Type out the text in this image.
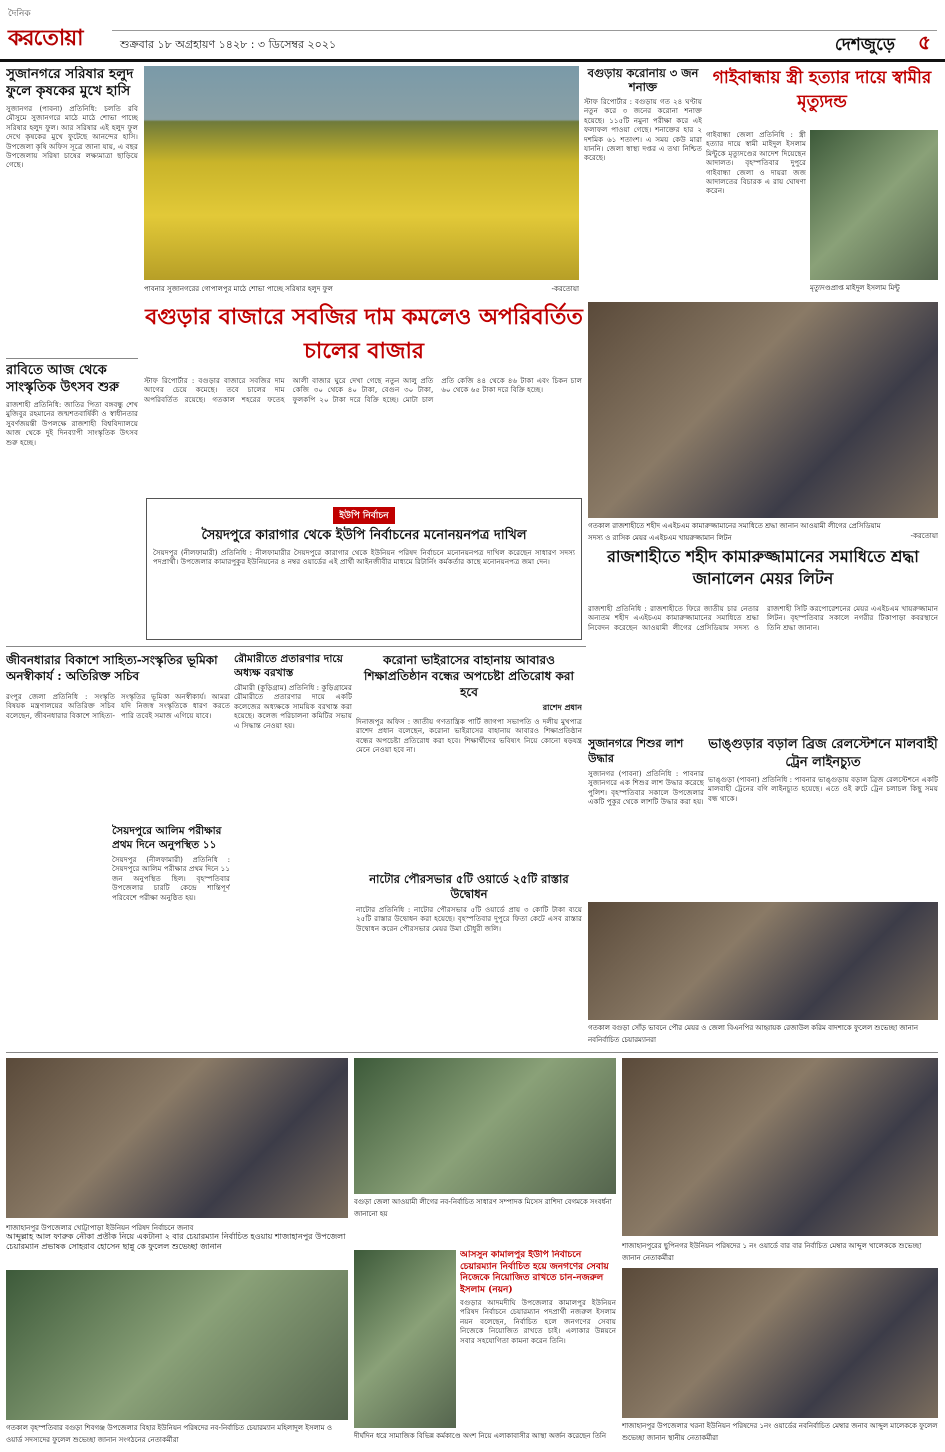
দৈনিক
করতোয়া	শুক্রবার ১৮ অগ্রহায়ণ ১৪২৮ : ৩ ডিসেম্বর ২০২১	দেশজুড়ে ৫
সুজানগরে সরিষার হলুদ ফুলে কৃষকের মুখে হাসি
সুজানগর (পাবনা) প্রতিনিধি: চলতি রবি মৌসুমে সুজানগরে মাঠে মাঠে শোভা পাচ্ছে সরিষার হলুদ ফুল। আর সরিষার এই হলুদ ফুল দেখে কৃষকের মুখে ফুটেছে আনন্দের হাসি। উপজেলা কৃষি অফিস সূত্রে জানা যায়, এ বছর উপজেলায় সরিষা চাষের লক্ষ্যমাত্রা ছাড়িয়ে গেছে।
রাবিতে আজ থেকে সাংস্কৃতিক উৎসব শুরু
রাজশাহী প্রতিনিধি: জাতির পিতা বঙ্গবন্ধু শেখ মুজিবুর রহমানের জন্মশতবার্ষিকী ও স্বাধীনতার সুবর্ণজয়ন্তী উপলক্ষে রাজশাহী বিশ্ববিদ্যালয়ে আজ থেকে দুই দিনব্যাপী সাংস্কৃতিক উৎসব শুরু হচ্ছে।
পাবনার সুজানগরের গোপালপুর মাঠে শোভা পাচ্ছে সরিষার হলুদ ফুল	-করতোয়া
বগুড়ায় করোনায় ৩ জন শনাক্ত
স্টাফ রিপোর্টার : বগুড়ায় গত ২৪ ঘণ্টায় নতুন করে ৩ জনের করোনা শনাক্ত হয়েছে। ১১৫টি নমুনা পরীক্ষা করে এই ফলাফল পাওয়া গেছে। শনাক্তের হার ২ দশমিক ৬১ শতাংশ। এ সময় কেউ মারা যাননি। জেলা স্বাস্থ্য দপ্তর এ তথ্য নিশ্চিত করেছে।
গাইবান্ধায় স্ত্রী হত্যার দায়ে স্বামীর মৃত্যুদন্ড
গাইবান্ধা জেলা প্রতিনিধি : স্ত্রী হত্যার দায়ে স্বামী মাইদুল ইসলাম মিন্টুকে মৃত্যুদণ্ডের আদেশ দিয়েছেন আদালত। বৃহস্পতিবার দুপুরে গাইবান্ধা জেলা ও দায়রা জজ আদালতের বিচারক এ রায় ঘোষণা করেন।
মৃত্যুদণ্ডপ্রাপ্ত মাইদুল ইসলাম মিন্টু
বগুড়ার বাজারে সবজির দাম কমলেও অপরিবর্তিত চালের বাজার
স্টাফ রিপোর্টার : বগুড়ার বাজারে সবজির দাম আগের চেয়ে কমেছে। তবে চালের দাম অপরিবর্তিত রয়েছে। গতকাল শহরের ফতেহ আলী বাজার ঘুরে দেখা গেছে নতুন আলু প্রতি কেজি ৩০ থেকে ৪০ টাকা, বেগুন ৩০ টাকা, ফুলকপি ২০ টাকা দরে বিক্রি হচ্ছে। মোটা চাল প্রতি কেজি ৪৪ থেকে ৪৬ টাকা এবং চিকন চাল ৬০ থেকে ৬৫ টাকা দরে বিক্রি হচ্ছে।
ইউপি নির্বাচন
সৈয়দপুরে কারাগার থেকে ইউপি নির্বাচনের মনোনয়নপত্র দাখিল
সৈয়দপুর (নীলফামারী) প্রতিনিধি : নীলফামারীর সৈয়দপুরে কারাগার থেকে ইউনিয়ন পরিষদ নির্বাচনে মনোনয়নপত্র দাখিল করেছেন সাধারণ সদস্য পদপ্রার্থী। উপজেলার কামারপুকুর ইউনিয়নের ৪ নম্বর ওয়ার্ডের এই প্রার্থী আইনজীবীর মাধ্যমে রিটার্নিং কর্মকর্তার কাছে মনোনয়নপত্র জমা দেন।
গতকাল রাজশাহীতে শহীদ এএইচএম কামারুজ্জামানের সমাধিতে শ্রদ্ধা জানান আওয়ামী লীগের প্রেসিডিয়াম সদস্য ও রাসিক মেয়র এএইচএম খায়রুজ্জামান লিটন	-করতোয়া
রাজশাহীতে শহীদ কামারুজ্জামানের সমাধিতে শ্রদ্ধা জানালেন মেয়র লিটন
রাজশাহী প্রতিনিধি : রাজশাহীতে ফিরে জাতীয় চার নেতার অন্যতম শহীদ এএইচএম কামারুজ্জামানের সমাধিতে শ্রদ্ধা নিবেদন করেছেন আওয়ামী লীগের প্রেসিডিয়াম সদস্য ও রাজশাহী সিটি করপোরেশনের মেয়র এএইচএম খায়রুজ্জামান লিটন। বৃহস্পতিবার সকালে নগরীর টিকাপাড়া কবরস্থানে তিনি শ্রদ্ধা জানান।
জীবনধারার বিকাশে সাহিত্য-সংস্কৃতির ভূমিকা অনস্বীকার্য : অতিরিক্ত সচিব
রংপুর জেলা প্রতিনিধি : সংস্কৃতি বিষয়ক মন্ত্রণালয়ের অতিরিক্ত সচিব বলেছেন, জীবনধারার বিকাশে সাহিত্য-সংস্কৃতির ভূমিকা অনস্বীকার্য। আমরা যদি নিজস্ব সংস্কৃতিকে ধারণ করতে পারি তবেই সমাজ এগিয়ে যাবে।
সৈয়দপুরে আলিম পরীক্ষার প্রথম দিনে অনুপস্থিত ১১
সৈয়দপুর (নীলফামারী) প্রতিনিধি : সৈয়দপুরে আলিম পরীক্ষার প্রথম দিনে ১১ জন অনুপস্থিত ছিল। বৃহস্পতিবার উপজেলার চারটি কেন্দ্রে শান্তিপূর্ণ পরিবেশে পরীক্ষা অনুষ্ঠিত হয়।
রৌমারীতে প্রতারণার দায়ে অধ্যক্ষ বরখাস্ত
রৌমারী (কুড়িগ্রাম) প্রতিনিধি : কুড়িগ্রামের রৌমারীতে প্রতারণার দায়ে একটি কলেজের অধ্যক্ষকে সাময়িক বরখাস্ত করা হয়েছে। কলেজ পরিচালনা কমিটির সভায় এ সিদ্ধান্ত নেওয়া হয়।
করোনা ভাইরাসের বাহানায় আবারও শিক্ষাপ্রতিষ্ঠান বন্ধের অপচেষ্টা প্রতিরোধ করা হবে
রাশেদ প্রধান
দিনাজপুর অফিস : জাতীয় গণতান্ত্রিক পার্টি জাগপা সভাপতি ও দলীয় মুখপাত্র রাশেদ প্রধান বলেছেন, করোনা ভাইরাসের বাহানায় আবারও শিক্ষাপ্রতিষ্ঠান বন্ধের অপচেষ্টা প্রতিরোধ করা হবে। শিক্ষার্থীদের ভবিষ্যৎ নিয়ে কোনো ষড়যন্ত্র মেনে নেওয়া হবে না।
নাটোর পৌরসভার ৫টি ওয়ার্ডে ২৫টি রাস্তার উদ্বোধন
নাটোর প্রতিনিধি : নাটোর পৌরসভার ৫টি ওয়ার্ডে প্রায় ৩ কোটি টাকা ব্যয়ে ২৫টি রাস্তার উদ্বোধন করা হয়েছে। বৃহস্পতিবার দুপুরে ফিতা কেটে এসব রাস্তার উদ্বোধন করেন পৌরসভার মেয়র উমা চৌধুরী জলি।
সুজানগরে শিশুর লাশ উদ্ধার
সুজানগর (পাবনা) প্রতিনিধি : পাবনার সুজানগরে এক শিশুর লাশ উদ্ধার করেছে পুলিশ। বৃহস্পতিবার সকালে উপজেলার একটি পুকুর থেকে লাশটি উদ্ধার করা হয়।
ভাঙ্গুড়ার বড়াল ব্রিজ রেলস্টেশনে মালবাহী ট্রেন লাইনচ্যুত
ভাঙ্গুড়া (পাবনা) প্রতিনিধি : পাবনার ভাঙ্গুড়ায় বড়াল ব্রিজ রেলস্টেশনে একটি মালবাহী ট্রেনের বগি লাইনচ্যুত হয়েছে। এতে ওই রুটে ট্রেন চলাচল কিছু সময় বন্ধ থাকে।
গতকাল বগুড়া সোঁড় ভাবনে পৌর মেয়র ও জেলা বিএনপির আহ্বায়ক রেজাউল করিম বাদশাকে ফুলেল শুভেচ্ছা জানান নবনির্বাচিত চেয়ারম্যানরা
শাজাহানপুর উপজেলার খোট্টাপাড়া ইউনিয়ন পরিষদ নির্বাচনে জনাব
আব্দুল্লাহ আল ফারুক নৌকা প্রতীক নিয়ে একটানা ২ বার চেয়ারম্যান নির্বাচিত হওয়ায় শাজাহানপুর উপজেলা চেয়ারম্যান প্রভাষক সোহরাব হোসেন ছান্নু কে ফুলেল শুভেচ্ছা জানান
বগুড়া জেলা আওয়ামী লীগের নব-নির্বাচিত সাধারণ সম্পাদক মিসেস রাশিদা বেগমকে সংবর্ধনা জানানো হয়
শাজাহানপুরের ছুপিনগর ইউনিয়ন পরিষদের ১ নং ওয়ার্ডে বার বার নির্বাচিত মেম্বার আব্দুল খালেককে শুভেচ্ছা জানান নেতাকর্মীরা
গতকাল বৃহস্পতিবার বগুড়া শিবগঞ্জ উপজেলার বিহার ইউনিয়ন পরিষদের নব-নির্বাচিত চেয়ারম্যান মহিলাদুল ইসলাম ও ওয়ার্ড সদস্যদের ফুলেল শুভেচ্ছা জানান সংগঠনের নেতাকর্মীরা
আসসুন কামালপুর ইউপি নির্বাচনে চেয়ারম্যান নির্বাচিত হয়ে জনগণের সেবায় নিজেকে নিয়োজিত রাখতে চান-নজরুল ইসলাম (নয়ন)
বগুড়ার আদমদীঘি উপজেলার কামালপুর ইউনিয়ন পরিষদ নির্বাচনে চেয়ারম্যান পদপ্রার্থী নজরুল ইসলাম নয়ন বলেছেন, নির্বাচিত হলে জনগণের সেবায় নিজেকে নিয়োজিত রাখতে চাই। এলাকার উন্নয়নে সবার সহযোগিতা কামনা করেন তিনি।
দীর্ঘদিন ধরে সামাজিক বিভিন্ন কর্মকাণ্ডে অংশ নিয়ে এলাকাবাসীর আস্থা অর্জন করেছেন তিনি
শাজাহানপুর উপজেলার খরনা ইউনিয়ন পরিষদের ১নং ওয়ার্ডের নবনির্বাচিত মেম্বার জনাব আব্দুল মালেককে ফুলেল শুভেচ্ছা জানান স্থানীয় নেতাকর্মীরা
